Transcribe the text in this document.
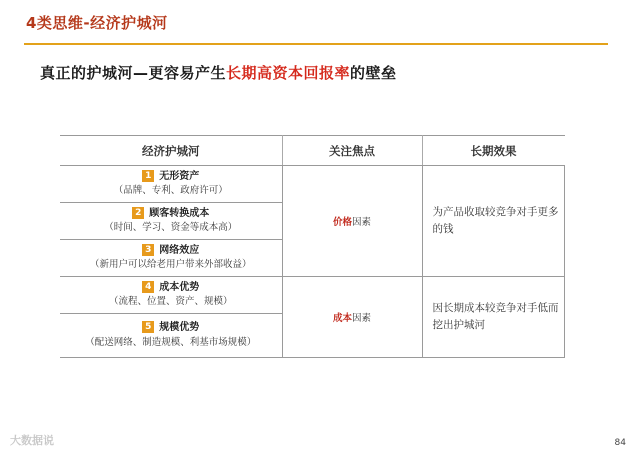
4类思维-经济护城河
真正的护城河—更容易产生长期高资本回报率的壁垒
经济护城河	关注焦点	长期效果

1 无形资产
（品牌、专利、政府许可）	价格因素	为产品收取较竞争对手更多的钱

2 顾客转换成本
（时间、学习、资金等成本高）		

3 网络效应
（新用户可以给老用户带来外部收益）		

4 成本优势
（流程、位置、资产、规模）	成本因素	因长期成本较竞争对手低而挖出护城河

5 规模优势
（配送网络、制造规模、利基市场规模）		
大数据说	84
